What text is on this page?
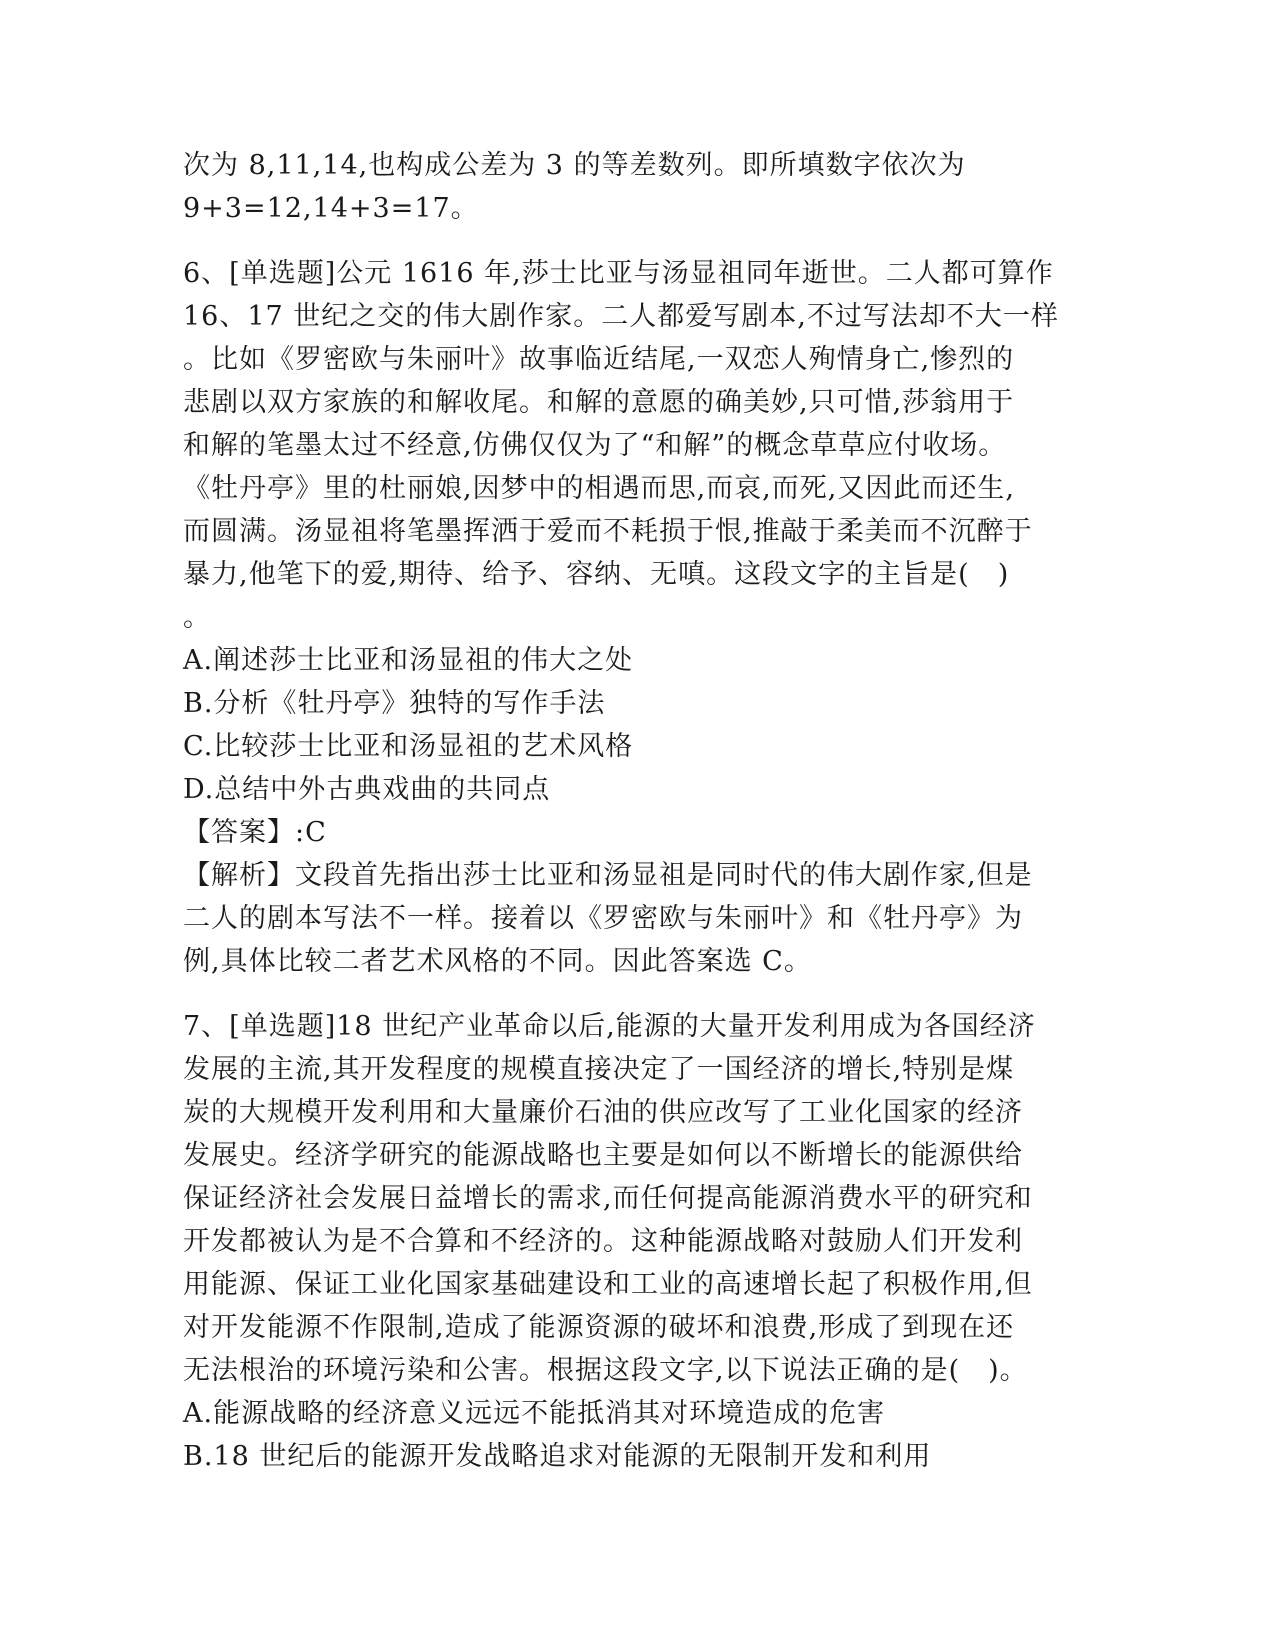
次为 8,11,14,也构成公差为 3 的等差数列。即所填数字依次为
9+3=12,14+3=17。
6、[单选题]公元 1616 年,莎士比亚与汤显祖同年逝世。二人都可算作
16、17 世纪之交的伟大剧作家。二人都爱写剧本,不过写法却不大一样
。比如《罗密欧与朱丽叶》故事临近结尾,一双恋人殉情身亡,惨烈的
悲剧以双方家族的和解收尾。和解的意愿的确美妙,只可惜,莎翁用于
和解的笔墨太过不经意,仿佛仅仅为了“和解”的概念草草应付收场。
《牡丹亭》里的杜丽娘,因梦中的相遇而思,而哀,而死,又因此而还生,
而圆满。汤显祖将笔墨挥洒于爱而不耗损于恨,推敲于柔美而不沉醉于
暴力,他笔下的爱,期待、给予、容纳、无嗔。这段文字的主旨是(　)
。
A.阐述莎士比亚和汤显祖的伟大之处
B.分析《牡丹亭》独特的写作手法
C.比较莎士比亚和汤显祖的艺术风格
D.总结中外古典戏曲的共同点
【答案】:C
【解析】文段首先指出莎士比亚和汤显祖是同时代的伟大剧作家,但是
二人的剧本写法不一样。接着以《罗密欧与朱丽叶》和《牡丹亭》为
例,具体比较二者艺术风格的不同。因此答案选 C。
7、[单选题]18 世纪产业革命以后,能源的大量开发利用成为各国经济
发展的主流,其开发程度的规模直接决定了一国经济的增长,特别是煤
炭的大规模开发利用和大量廉价石油的供应改写了工业化国家的经济
发展史。经济学研究的能源战略也主要是如何以不断增长的能源供给
保证经济社会发展日益增长的需求,而任何提高能源消费水平的研究和
开发都被认为是不合算和不经济的。这种能源战略对鼓励人们开发利
用能源、保证工业化国家基础建设和工业的高速增长起了积极作用,但
对开发能源不作限制,造成了能源资源的破坏和浪费,形成了到现在还
无法根治的环境污染和公害。根据这段文字,以下说法正确的是(　)。
A.能源战略的经济意义远远不能抵消其对环境造成的危害
B.18 世纪后的能源开发战略追求对能源的无限制开发和利用
